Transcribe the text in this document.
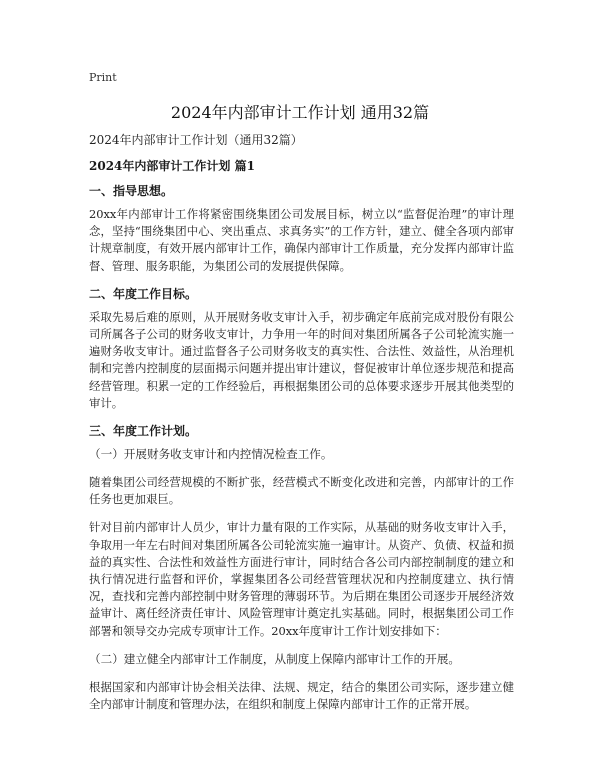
Print
2024年内部审计工作计划 通用32篇

2024年内部审计工作计划（通用32篇）

2024年内部审计工作计划 篇1

一、指导思想。

20xx年内部审计工作将紧密围绕集团公司发展目标，树立以“监督促治理”的审计理念，坚持“围绕集团中心、突出重点、求真务实”的工作方针，建立、健全各项内部审计规章制度，有效开展内部审计工作，确保内部审计工作质量，充分发挥内部审计监督、管理、服务职能，为集团公司的发展提供保障。

二、年度工作目标。

采取先易后难的原则，从开展财务收支审计入手，初步确定年底前完成对股份有限公司所属各子公司的财务收支审计，力争用一年的时间对集团所属各子公司轮流实施一遍财务收支审计。通过监督各子公司财务收支的真实性、合法性、效益性，从治理机制和完善内控制度的层面揭示问题并提出审计建议，督促被审计单位逐步规范和提高经营管理。积累一定的工作经验后，再根据集团公司的总体要求逐步开展其他类型的审计。

三、年度工作计划。

（一）开展财务收支审计和内控情况检查工作。

随着集团公司经营规模的不断扩张，经营模式不断变化改进和完善，内部审计的工作任务也更加艰巨。

针对目前内部审计人员少，审计力量有限的工作实际，从基础的财务收支审计入手，争取用一年左右时间对集团所属各公司轮流实施一遍审计。从资产、负债、权益和损益的真实性、合法性和效益性方面进行审计，同时结合各公司内部控制制度的建立和执行情况进行监督和评价，掌握集团各公司经营管理状况和内控制度建立、执行情况，查找和完善内部控制中财务管理的薄弱环节。为后期在集团公司逐步开展经济效益审计、离任经济责任审计、风险管理审计奠定扎实基础。同时，根据集团公司工作部署和领导交办完成专项审计工作。20xx年度审计工作计划安排如下：

（二）建立健全内部审计工作制度，从制度上保障内部审计工作的开展。

根据国家和内部审计协会相关法律、法规、规定，结合的集团公司实际，逐步建立健全内部审计制度和管理办法，在组织和制度上保障内部审计工作的正常开展。
